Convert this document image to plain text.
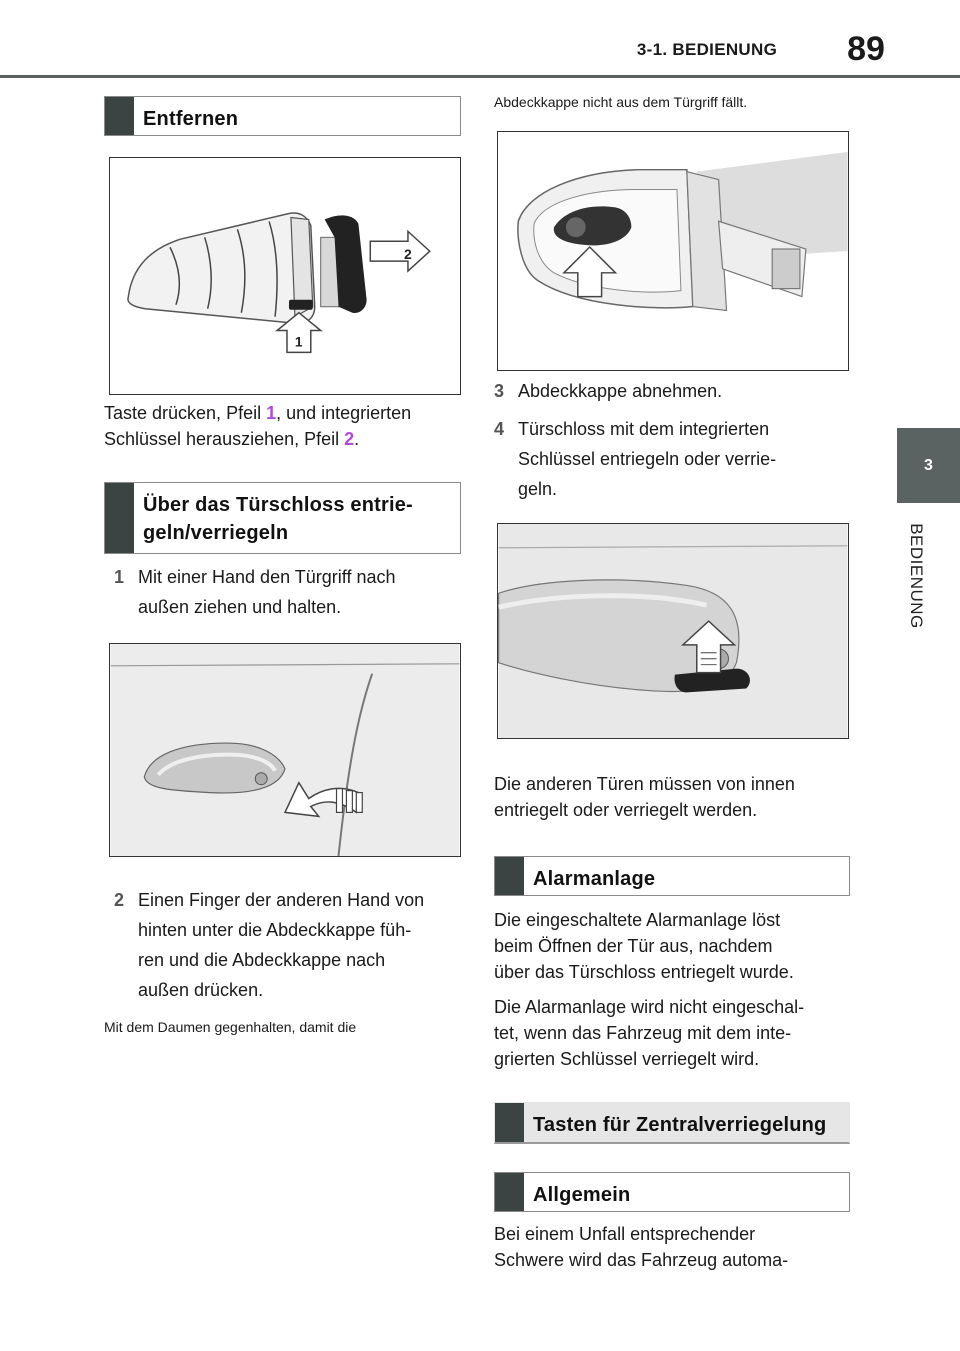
3-1. BEDIENUNG	89
3
BEDIENUNG
Entfernen
2
1
Taste drücken, Pfeil 1, und integrierten
Schlüssel herausziehen, Pfeil 2.
Über das Türschloss entrie-
geln/verriegeln
1 Mit einer Hand den Türgriff nach
außen ziehen und halten.
2 Einen Finger der anderen Hand von
hinten unter die Abdeckkappe füh-
ren und die Abdeckkappe nach
außen drücken.
Mit dem Daumen gegenhalten, damit die
Abdeckkappe nicht aus dem Türgriff fällt.
3 Abdeckkappe abnehmen.
4 Türschloss mit dem integrierten
Schlüssel entriegeln oder verrie-
geln.
Die anderen Türen müssen von innen
entriegelt oder verriegelt werden.
Alarmanlage
Die eingeschaltete Alarmanlage löst
beim Öffnen der Tür aus, nachdem
über das Türschloss entriegelt wurde.
Die Alarmanlage wird nicht eingeschal-
tet, wenn das Fahrzeug mit dem inte-
grierten Schlüssel verriegelt wird.
Tasten für Zentralverriegelung
Allgemein
Bei einem Unfall entsprechender
Schwere wird das Fahrzeug automa-
